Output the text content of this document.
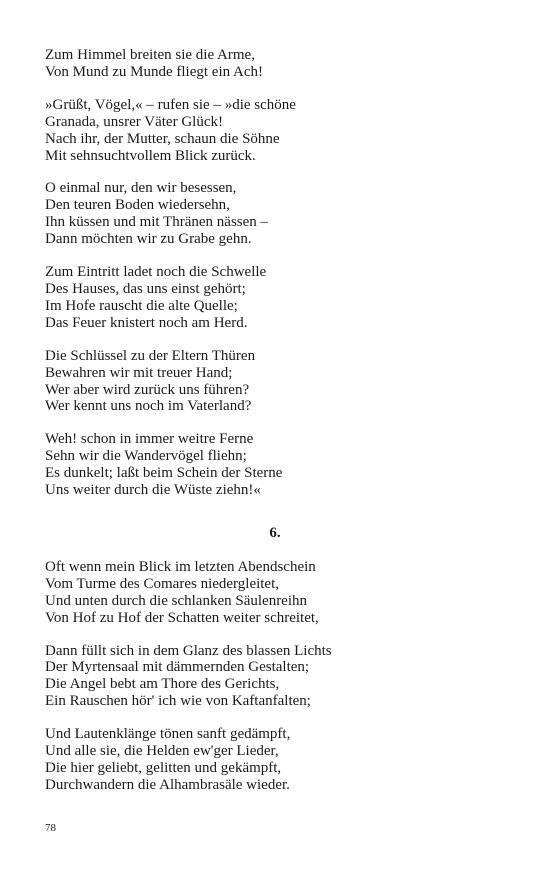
Zum Himmel breiten sie die Arme,
Von Mund zu Munde fliegt ein Ach!
»Grüßt, Vögel,« – rufen sie – »die schöne
Granada, unsrer Väter Glück!
Nach ihr, der Mutter, schaun die Söhne
Mit sehnsuchtvollem Blick zurück.
O einmal nur, den wir besessen,
Den teuren Boden wiedersehn,
Ihn küssen und mit Thränen nässen –
Dann möchten wir zu Grabe gehn.
Zum Eintritt ladet noch die Schwelle
Des Hauses, das uns einst gehört;
Im Hofe rauscht die alte Quelle;
Das Feuer knistert noch am Herd.
Die Schlüssel zu der Eltern Thüren
Bewahren wir mit treuer Hand;
Wer aber wird zurück uns führen?
Wer kennt uns noch im Vaterland?
Weh! schon in immer weitre Ferne
Sehn wir die Wandervögel fliehn;
Es dunkelt; laßt beim Schein der Sterne
Uns weiter durch die Wüste ziehn!«
6.
Oft wenn mein Blick im letzten Abendschein
Vom Turme des Comares niedergleitet,
Und unten durch die schlanken Säulenreihn
Von Hof zu Hof der Schatten weiter schreitet,
Dann füllt sich in dem Glanz des blassen Lichts
Der Myrtensaal mit dämmernden Gestalten;
Die Angel bebt am Thore des Gerichts,
Ein Rauschen hör' ich wie von Kaftanfalten;
Und Lautenklänge tönen sanft gedämpft,
Und alle sie, die Helden ew'ger Lieder,
Die hier geliebt, gelitten und gekämpft,
Durchwandern die Alhambrasäle wieder.
78
